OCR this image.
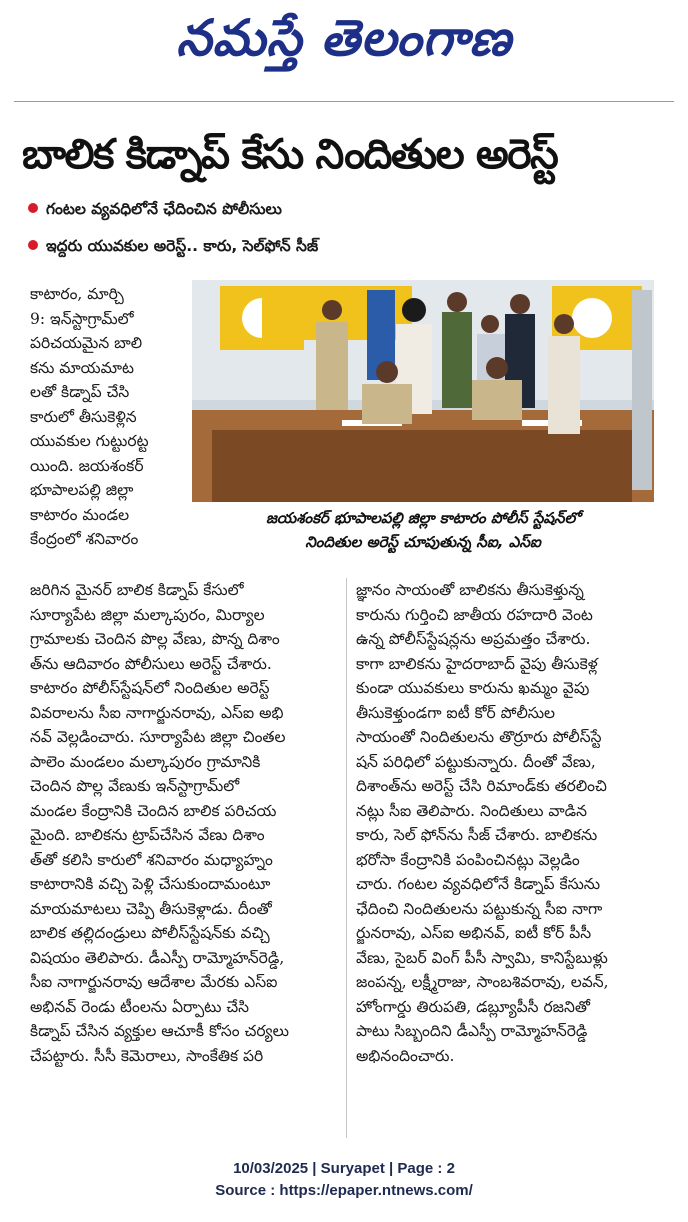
నమస్తే తెలంగాణ
బాలిక కిడ్నాప్ కేసు నిందితుల అరెస్ట్
గంటల వ్యవధిలోనే ఛేదించిన పోలీసులు
ఇద్దరు యువకుల అరెస్ట్.. కారు, సెల్‌ఫోన్ సీజ్
కాటారం, మార్చి
9: ఇన్‌స్టాగ్రామ్‌లో
పరిచయమైన బాలి
కను మాయమాట
లతో కిడ్నాప్ చేసి
కారులో తీసుకెళ్లిన
యువకుల గుట్టురట్ట
యింది. జయశంకర్
భూపాలపల్లి జిల్లా
కాటారం మండల
కేంద్రంలో శనివారం
జయశంకర్ భూపాలపల్లి జిల్లా కాటారం పోలీస్ స్టేషన్‌లో
నిందితుల అరెస్ట్ చూపుతున్న సీఐ, ఎస్ఐ
జరిగిన మైనర్ బాలిక కిడ్నాప్ కేసులో
సూర్యాపేట జిల్లా మల్కాపురం, మిర్యాల
గ్రామాలకు చెందిన పొల్ల వేణు, పొన్న దిశాం
త్‌ను ఆదివారం పోలీసులు అరెస్ట్ చేశారు.
కాటారం పోలీస్‌స్టేషన్‌లో నిందితుల అరెస్ట్
వివరాలను సీఐ నాగార్జునరావు, ఎస్ఐ అభి
నవ్ వెల్లడించారు. సూర్యాపేట జిల్లా చింతల
పాలెం మండలం మల్కాపురం గ్రామానికి
చెందిన పొల్ల వేణుకు ఇన్‌స్టాగ్రామ్‌లో
మండల కేంద్రానికి చెందిన బాలిక పరిచయ
మైంది. బాలికను ట్రాప్‌చేసిన వేణు దిశాం
త్‌తో కలిసి కారులో శనివారం మధ్యాహ్నం
కాటారానికి వచ్చి పెళ్లి చేసుకుందామంటూ
మాయమాటలు చెప్పి తీసుకెళ్లాడు. దీంతో
బాలిక తల్లిదండ్రులు పోలీస్‌స్టేషన్‌కు వచ్చి
విషయం తెలిపారు. డీఎస్పీ రామ్మోహన్‌రెడ్డి,
సీఐ నాగార్జునరావు ఆదేశాల మేరకు ఎస్ఐ
అభినవ్ రెండు టీంలను ఏర్పాటు చేసి
కిడ్నాప్ చేసిన వ్యక్తుల ఆచూకీ కోసం చర్యలు
చేపట్టారు. సీసీ కెమెరాలు, సాంకేతిక పరి
జ్ఞానం సాయంతో బాలికను తీసుకెళ్తున్న
కారును గుర్తించి జాతీయ రహదారి వెంట
ఉన్న పోలీస్‌స్టేషన్లను అప్రమత్తం చేశారు.
కాగా బాలికను హైదరాబాద్ వైపు తీసుకెళ్ల
కుండా యువకులు కారును ఖమ్మం వైపు
తీసుకెళ్తుండగా ఐటీ కోర్ పోలీసుల
సాయంతో నిందితులను తొర్రూరు పోలీస్‌స్టే
షన్ పరిధిలో పట్టుకున్నారు. దీంతో వేణు,
దిశాంత్‌ను అరెస్ట్ చేసి రిమాండ్‌కు తరలించి
నట్లు సీఐ తెలిపారు. నిందితులు వాడిన
కారు, సెల్ ఫోన్‌ను సీజ్ చేశారు. బాలికను
భరోసా కేంద్రానికి పంపించినట్లు వెల్లడిం
చారు. గంటల వ్యవధిలోనే కిడ్నాప్ కేసును
ఛేదించి నిందితులను పట్టుకున్న సీఐ నాగా
ర్జునరావు, ఎస్ఐ అభినవ్, ఐటీ కోర్ పీసీ
వేణు, సైబర్ వింగ్ పీసీ స్వామి, కానిస్టేబుళ్లు
జంపన్న, లక్ష్మీరాజు, సాంబశివరావు, లవన్,
హోంగార్డు తిరుపతి, డబ్ల్యూపీసీ రజనితో
పాటు సిబ్బందిని డీఎస్పీ రామ్మోహన్‌రెడ్డి
అభినందించారు.
10/03/2025 | Suryapet | Page : 2
Source : https://epaper.ntnews.com/
